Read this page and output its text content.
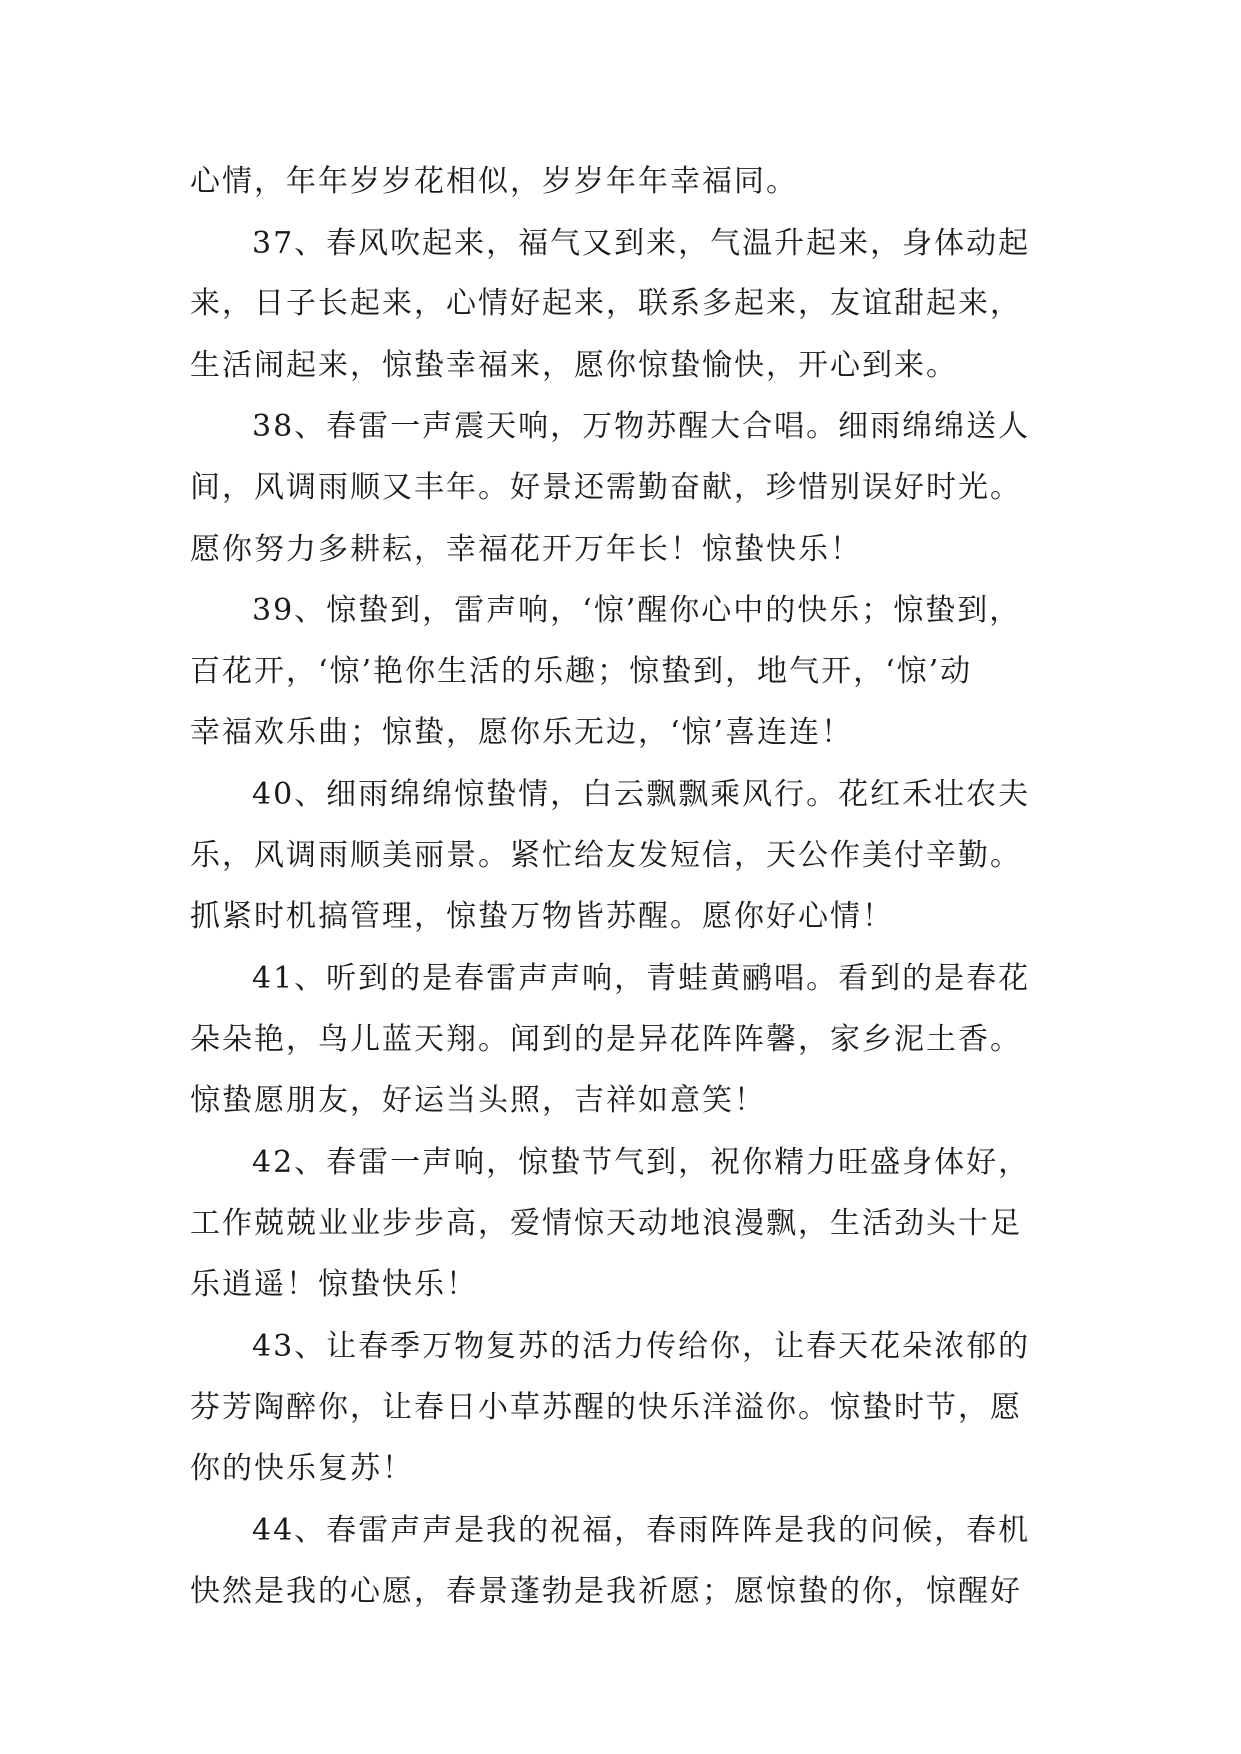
心情，年年岁岁花相似，岁岁年年幸福同。
37、春风吹起来，福气又到来，气温升起来，身体动起
来，日子长起来，心情好起来，联系多起来，友谊甜起来，
生活闹起来，惊蛰幸福来，愿你惊蛰愉快，开心到来。
38、春雷一声震天响，万物苏醒大合唱。细雨绵绵送人
间，风调雨顺又丰年。好景还需勤奋献，珍惜别误好时光。
愿你努力多耕耘，幸福花开万年长！惊蛰快乐！
39、惊蛰到，雷声响，‘惊’醒你心中的快乐；惊蛰到，
百花开，‘惊’艳你生活的乐趣；惊蛰到，地气开，‘惊’动
幸福欢乐曲；惊蛰，愿你乐无边，‘惊’喜连连！
40、细雨绵绵惊蛰情，白云飘飘乘风行。花红禾壮农夫
乐，风调雨顺美丽景。紧忙给友发短信，天公作美付辛勤。
抓紧时机搞管理，惊蛰万物皆苏醒。愿你好心情！
41、听到的是春雷声声响，青蛙黄鹂唱。看到的是春花
朵朵艳，鸟儿蓝天翔。闻到的是异花阵阵馨，家乡泥土香。
惊蛰愿朋友，好运当头照，吉祥如意笑！
42、春雷一声响，惊蛰节气到，祝你精力旺盛身体好，
工作兢兢业业步步高，爱情惊天动地浪漫飘，生活劲头十足
乐逍遥！惊蛰快乐！
43、让春季万物复苏的活力传给你，让春天花朵浓郁的
芬芳陶醉你，让春日小草苏醒的快乐洋溢你。惊蛰时节，愿
你的快乐复苏！
44、春雷声声是我的祝福，春雨阵阵是我的问候，春机
快然是我的心愿，春景蓬勃是我祈愿；愿惊蛰的你，惊醒好
